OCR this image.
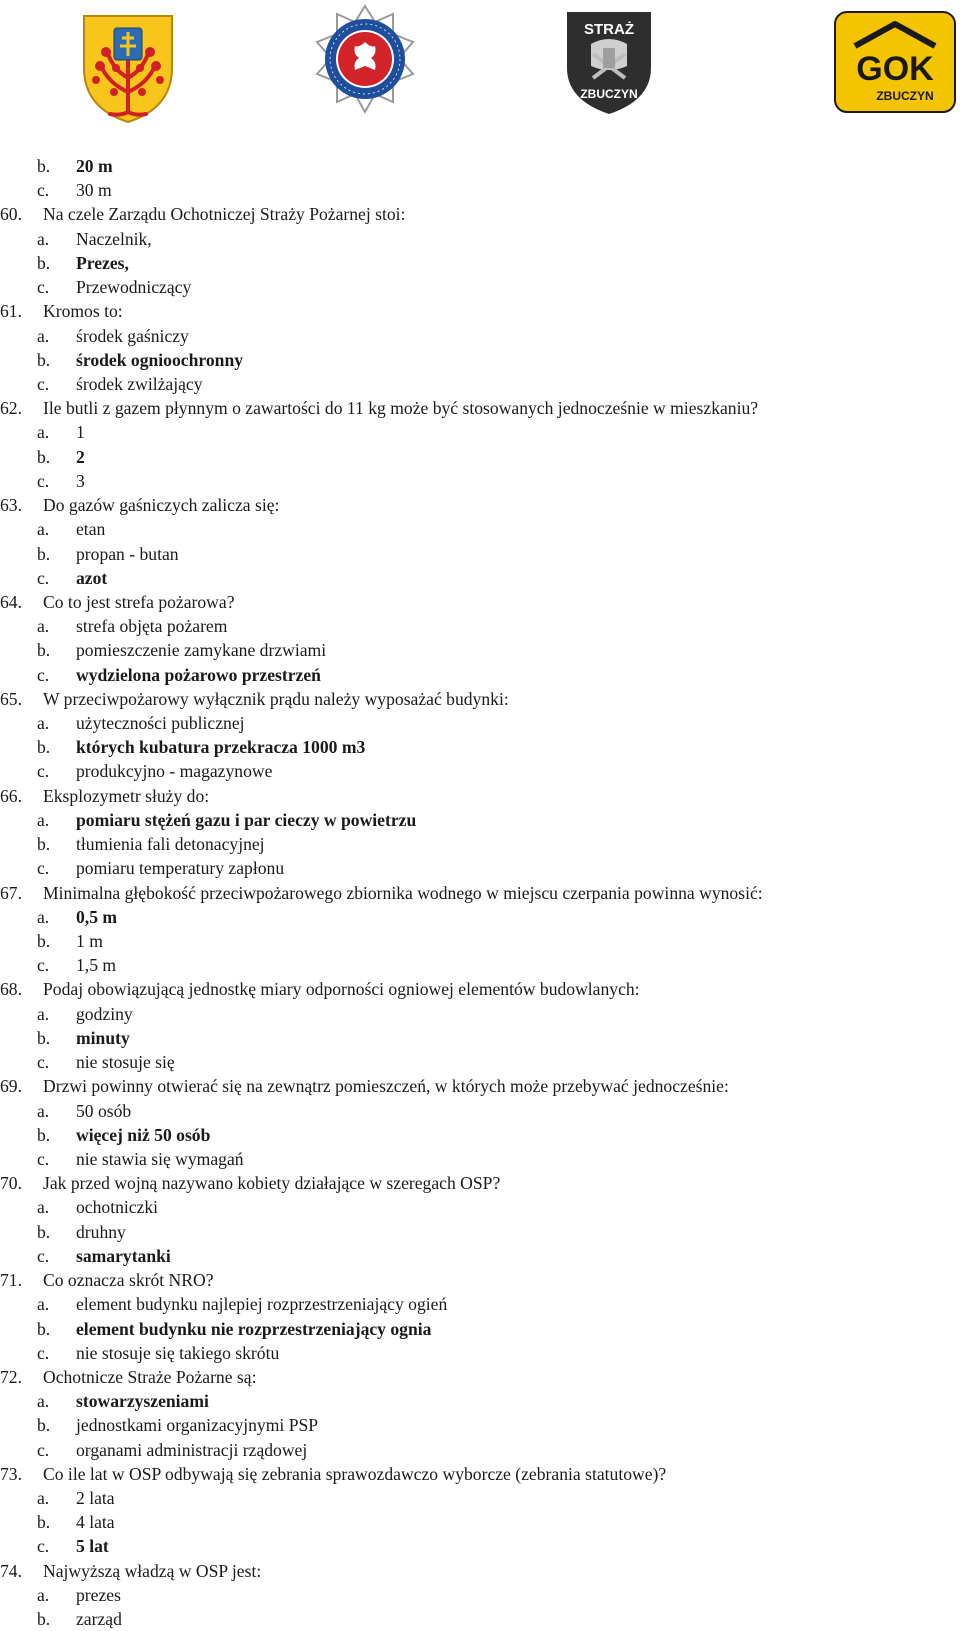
STRAŻ
ZBUCZYN
GOK
ZBUCZYN
b. 20 m
c. 30 m
60. Na czele Zarządu Ochotniczej Straży Pożarnej stoi:
a. Naczelnik,
b. Prezes,
c. Przewodniczący
61. Kromos to:
a. środek gaśniczy
b. środek ognioochronny
c. środek zwilżający
62. Ile butli z gazem płynnym o zawartości do 11 kg może być stosowanych jednocześnie w mieszkaniu?
a. 1
b. 2
c. 3
63. Do gazów gaśniczych zalicza się:
a. etan
b. propan - butan
c. azot
64. Co to jest strefa pożarowa?
a. strefa objęta pożarem
b. pomieszczenie zamykane drzwiami
c. wydzielona pożarowo przestrzeń
65. W przeciwpożarowy wyłącznik prądu należy wyposażać budynki:
a. użyteczności publicznej
b. których kubatura przekracza 1000 m3
c. produkcyjno - magazynowe
66. Eksplozymetr służy do:
a. pomiaru stężeń gazu i par cieczy w powietrzu
b. tłumienia fali detonacyjnej
c. pomiaru temperatury zapłonu
67. Minimalna głębokość przeciwpożarowego zbiornika wodnego w miejscu czerpania powinna wynosić:
a. 0,5 m
b. 1 m
c. 1,5 m
68. Podaj obowiązującą jednostkę miary odporności ogniowej elementów budowlanych:
a. godziny
b. minuty
c. nie stosuje się
69. Drzwi powinny otwierać się na zewnątrz pomieszczeń, w których może przebywać jednocześnie:
a. 50 osób
b. więcej niż 50 osób
c. nie stawia się wymagań
70. Jak przed wojną nazywano kobiety działające w szeregach OSP?
a. ochotniczki
b. druhny
c. samarytanki
71. Co oznacza skrót NRO?
a. element budynku najlepiej rozprzestrzeniający ogień
b. element budynku nie rozprzestrzeniający ognia
c. nie stosuje się takiego skrótu
72. Ochotnicze Straże Pożarne są:
a. stowarzyszeniami
b. jednostkami organizacyjnymi PSP
c. organami administracji rządowej
73. Co ile lat w OSP odbywają się zebrania sprawozdawczo wyborcze (zebrania statutowe)?
a. 2 lata
b. 4 lata
c. 5 lat
74. Najwyższą władzą w OSP jest:
a. prezes
b. zarząd
